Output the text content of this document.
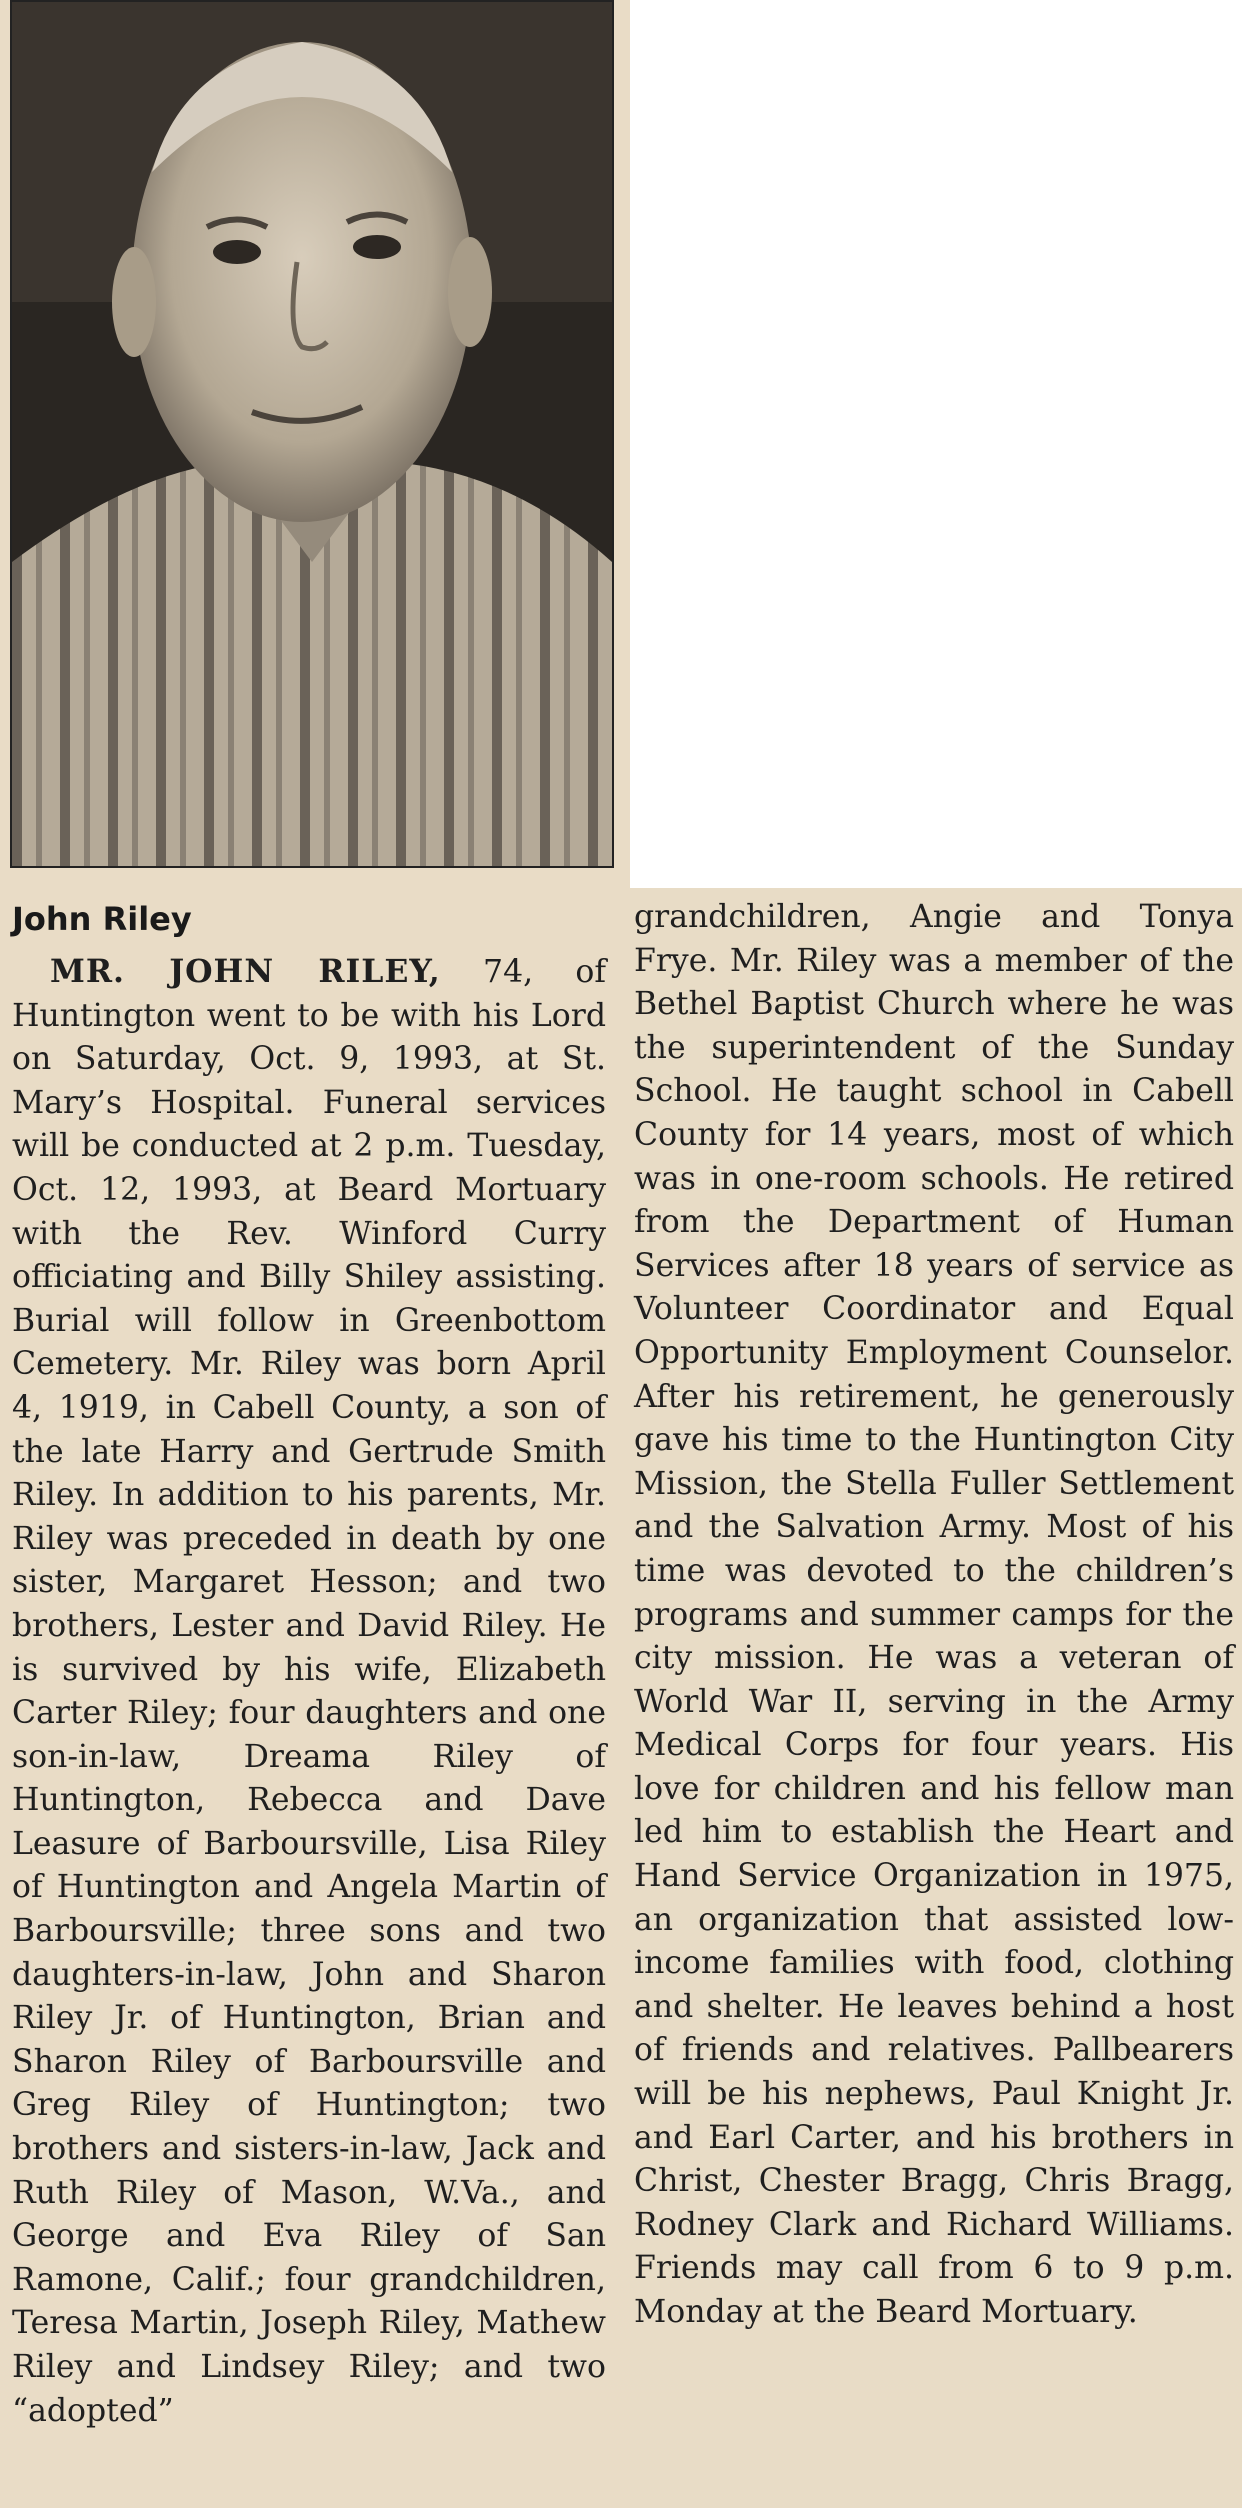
John Riley

MR. JOHN RILEY, 74, of Huntington went to be with his Lord on Saturday, Oct. 9, 1993, at St. Mary’s Hospital. Funeral services will be conducted at 2 p.m. Tuesday, Oct. 12, 1993, at Beard Mortuary with the Rev. Winford Curry officiating and Billy Shiley assisting. Burial will follow in Greenbottom Cemetery. Mr. Riley was born April 4, 1919, in Cabell County, a son of the late Harry and Gertrude Smith Riley. In addition to his parents, Mr. Riley was preceded in death by one sister, Margaret Hesson; and two brothers, Lester and David Riley. He is survived by his wife, Elizabeth Carter Riley; four daughters and one son-in-law, Dreama Riley of Huntington, Rebecca and Dave Leasure of Barboursville, Lisa Riley of Huntington and Angela Martin of Barboursville; three sons and two daughters-in-law, John and Sharon Riley Jr. of Huntington, Brian and Sharon Riley of Barboursville and Greg Riley of Huntington; two brothers and sisters-in-law, Jack and Ruth Riley of Mason, W.Va., and George and Eva Riley of San Ramone, Calif.; four grandchildren, Teresa Martin, Joseph Riley, Mathew Riley and Lindsey Riley; and two “adopted”

grandchildren, Angie and Tonya Frye. Mr. Riley was a member of the Bethel Baptist Church where he was the superintendent of the Sunday School. He taught school in Cabell County for 14 years, most of which was in one-room schools. He retired from the Department of Human Services after 18 years of service as Volunteer Coordinator and Equal Opportunity Employment Counselor. After his retirement, he generously gave his time to the Huntington City Mission, the Stella Fuller Settlement and the Salvation Army. Most of his time was devoted to the children’s programs and summer camps for the city mission. He was a veteran of World War II, serving in the Army Medical Corps for four years. His love for children and his fellow man led him to establish the Heart and Hand Service Organization in 1975, an organization that assisted low-income families with food, clothing and shelter. He leaves behind a host of friends and relatives. Pallbearers will be his nephews, Paul Knight Jr. and Earl Carter, and his brothers in Christ, Chester Bragg, Chris Bragg, Rodney Clark and Richard Williams. Friends may call from 6 to 9 p.m. Monday at the Beard Mortuary.
